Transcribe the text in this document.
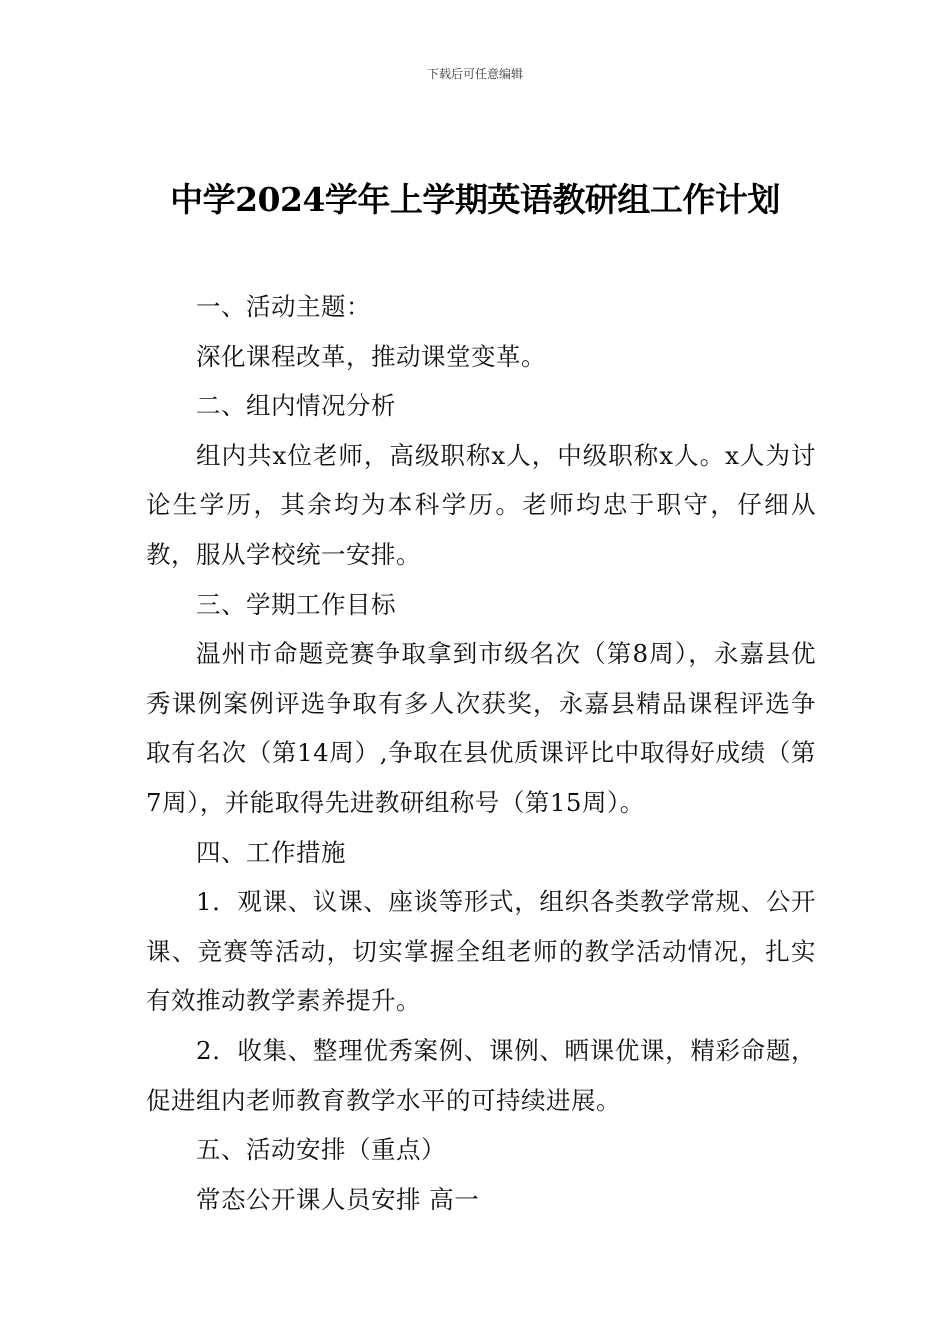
下载后可任意编辑
中学2024学年上学期英语教研组工作计划

一、活动主题：

深化课程改革，推动课堂变革。

二、组内情况分析

组内共x位老师，高级职称x人，中级职称x人。x人为讨论生学历，其余均为本科学历。老师均忠于职守，仔细从教，服从学校统一安排。

三、学期工作目标

温州市命题竞赛争取拿到市级名次（第8周），永嘉县优秀课例案例评选争取有多人次获奖，永嘉县精品课程评选争取有名次（第14周）,争取在县优质课评比中取得好成绩（第7周），并能取得先进教研组称号（第15周）。

四、工作措施

1．观课、议课、座谈等形式，组织各类教学常规、公开课、竞赛等活动，切实掌握全组老师的教学活动情况，扎实有效推动教学素养提升。

2．收集、整理优秀案例、课例、晒课优课，精彩命题，促进组内老师教育教学水平的可持续进展。

五、活动安排（重点）

常态公开课人员安排 高一
